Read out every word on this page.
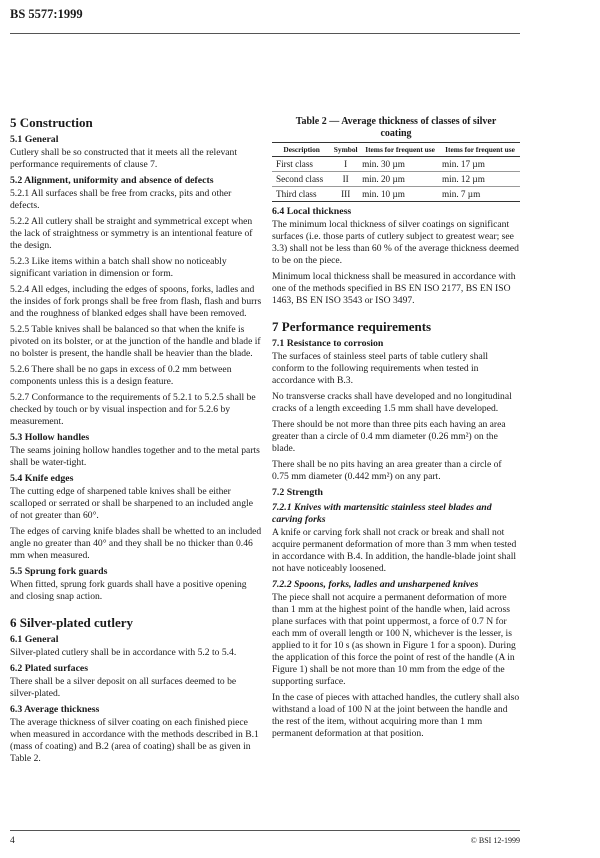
BS 5577:1999
5 Construction
5.1 General

Cutlery shall be so constructed that it meets all the relevant performance requirements of clause 7.

5.2 Alignment, uniformity and absence of defects

5.2.1 All surfaces shall be free from cracks, pits and other defects.

5.2.2 All cutlery shall be straight and symmetrical except when the lack of straightness or symmetry is an intentional feature of the design.

5.2.3 Like items within a batch shall show no noticeably significant variation in dimension or form.

5.2.4 All edges, including the edges of spoons, forks, ladles and the insides of fork prongs shall be free from flash, flash and burrs and the roughness of blanked edges shall have been removed.

5.2.5 Table knives shall be balanced so that when the knife is pivoted on its bolster, or at the junction of the handle and blade if no bolster is present, the handle shall be heavier than the blade.

5.2.6 There shall be no gaps in excess of 0.2 mm between components unless this is a design feature.

5.2.7 Conformance to the requirements of 5.2.1 to 5.2.5 shall be checked by touch or by visual inspection and for 5.2.6 by measurement.

5.3 Hollow handles

The seams joining hollow handles together and to the metal parts shall be water-tight.

5.4 Knife edges

The cutting edge of sharpened table knives shall be either scalloped or serrated or shall be sharpened to an included angle of not greater than 60°.

The edges of carving knife blades shall be whetted to an included angle no greater than 40° and they shall be no thicker than 0.46 mm when measured.

5.5 Sprung fork guards

When fitted, sprung fork guards shall have a positive opening and closing snap action.

6 Silver-plated cutlery
6.1 General

Silver-plated cutlery shall be in accordance with 5.2 to 5.4.

6.2 Plated surfaces

There shall be a silver deposit on all surfaces deemed to be silver-plated.

6.3 Average thickness

The average thickness of silver coating on each finished piece when measured in accordance with the methods described in B.1 (mass of coating) and B.2 (area of coating) shall be as given in Table 2.

Table 2 — Average thickness of classes of silver coating
Description	Symbol	Items for frequent use	Items for frequent use
First class	I	min. 30 µm	min. 17 µm
Second class	II	min. 20 µm	min. 12 µm
Third class	III	min. 10 µm	min. 7 µm
6.4 Local thickness

The minimum local thickness of silver coatings on significant surfaces (i.e. those parts of cutlery subject to greatest wear; see 3.3) shall not be less than 60 % of the average thickness deemed to be on the piece.

Minimum local thickness shall be measured in accordance with one of the methods specified in BS EN ISO 2177, BS EN ISO 1463, BS EN ISO 3543 or ISO 3497.

7 Performance requirements
7.1 Resistance to corrosion

The surfaces of stainless steel parts of table cutlery shall conform to the following requirements when tested in accordance with B.3.

No transverse cracks shall have developed and no longitudinal cracks of a length exceeding 1.5 mm shall have developed.

There should be not more than three pits each having an area greater than a circle of 0.4 mm diameter (0.26 mm²) on the blade.

There shall be no pits having an area greater than a circle of 0.75 mm diameter (0.442 mm²) on any part.

7.2 Strength
7.2.1 Knives with martensitic stainless steel blades and carving forks

A knife or carving fork shall not crack or break and shall not acquire permanent deformation of more than 3 mm when tested in accordance with B.4. In addition, the handle-blade joint shall not have noticeably loosened.

7.2.2 Spoons, forks, ladles and unsharpened knives

The piece shall not acquire a permanent deformation of more than 1 mm at the highest point of the handle when, laid across plane surfaces with that point uppermost, a force of 0.7 N for each mm of overall length or 100 N, whichever is the lesser, is applied to it for 10 s (as shown in Figure 1 for a spoon). During the application of this force the point of rest of the handle (A in Figure 1) shall be not more than 10 mm from the edge of the supporting surface.

In the case of pieces with attached handles, the cutlery shall also withstand a load of 100 N at the joint between the handle and the rest of the item, without acquiring more than 1 mm permanent deformation at that position.

4	© BSI 12-1999
